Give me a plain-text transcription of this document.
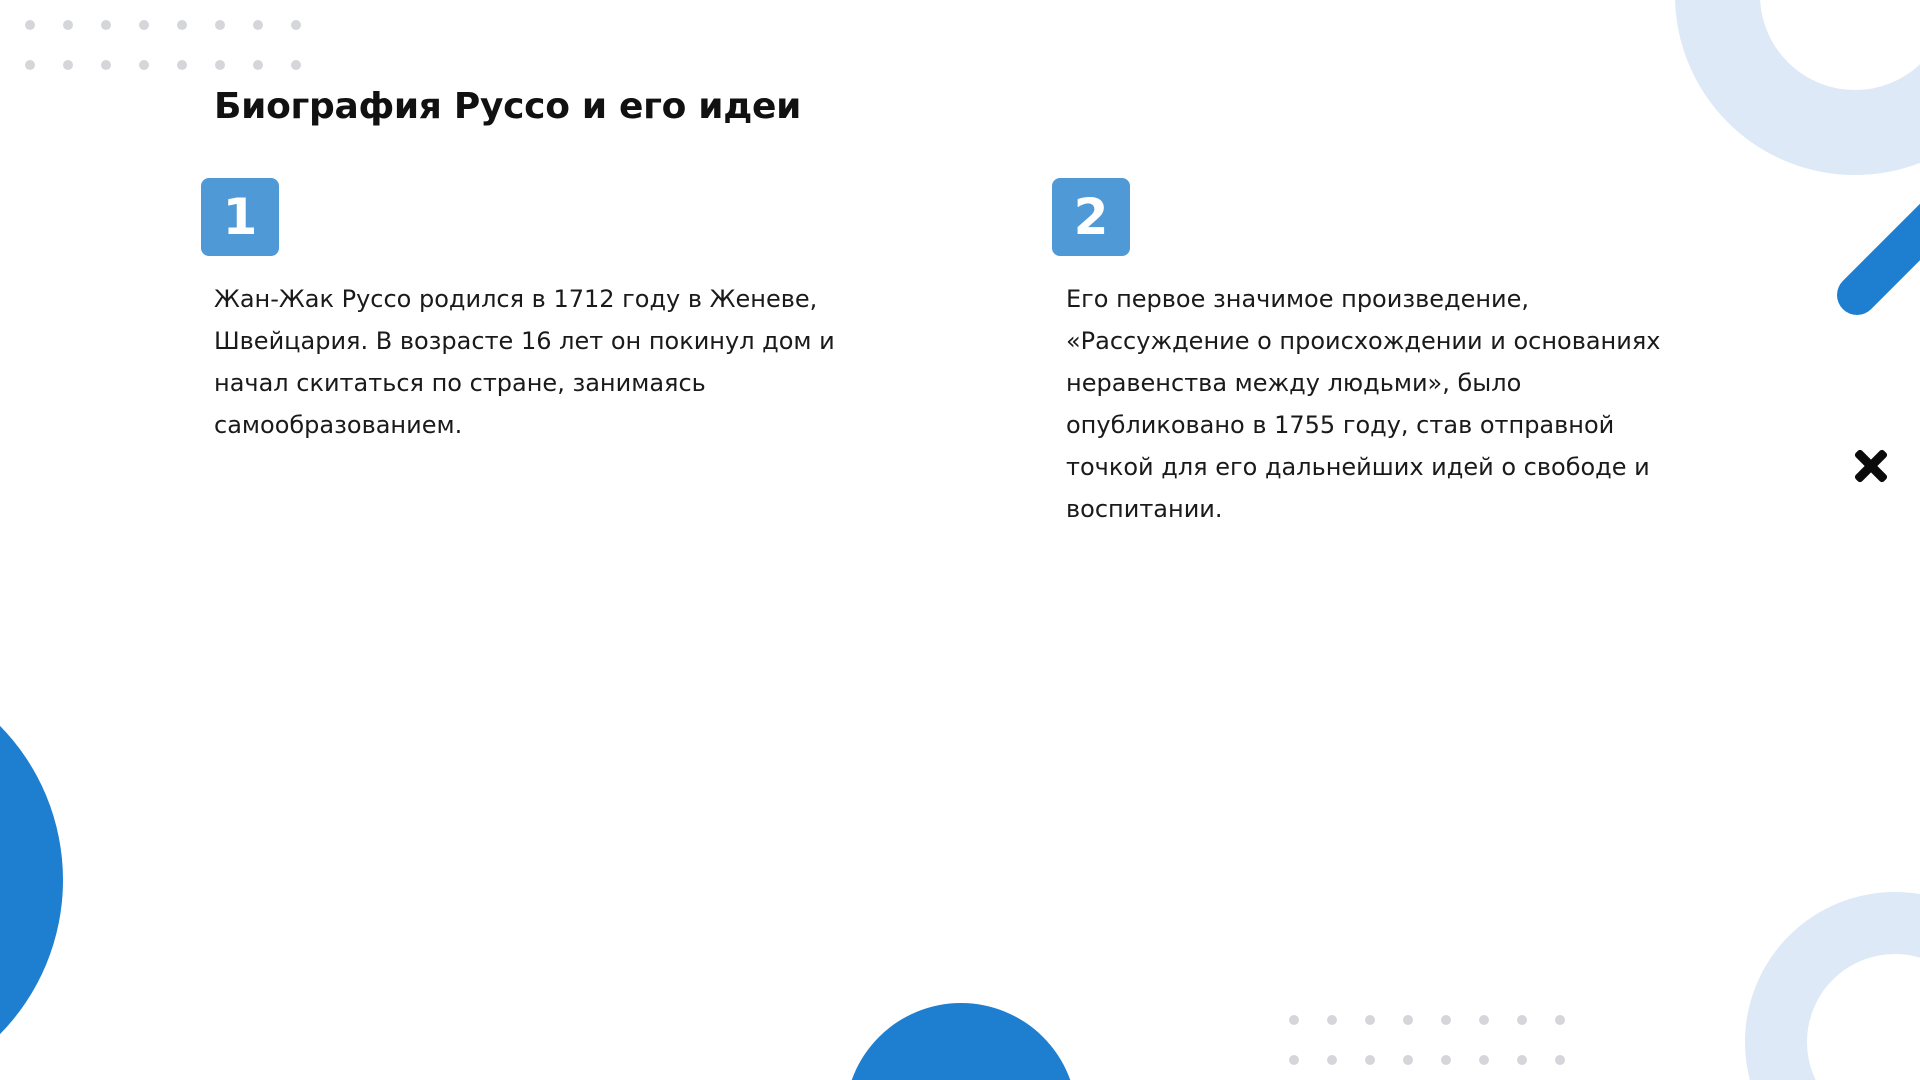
Биография Руссо и его идеи
1

Жан-Жак Руссо родился в 1712 году в Женеве,
Швейцария. В возрасте 16 лет он покинул дом и
начал скитаться по стране, занимаясь
самообразованием.

2

Его первое значимое произведение,
«Рассуждение о происхождении и основаниях
неравенства между людьми», было
опубликовано в 1755 году, став отправной
точкой для его дальнейших идей о свободе и
воспитании.
